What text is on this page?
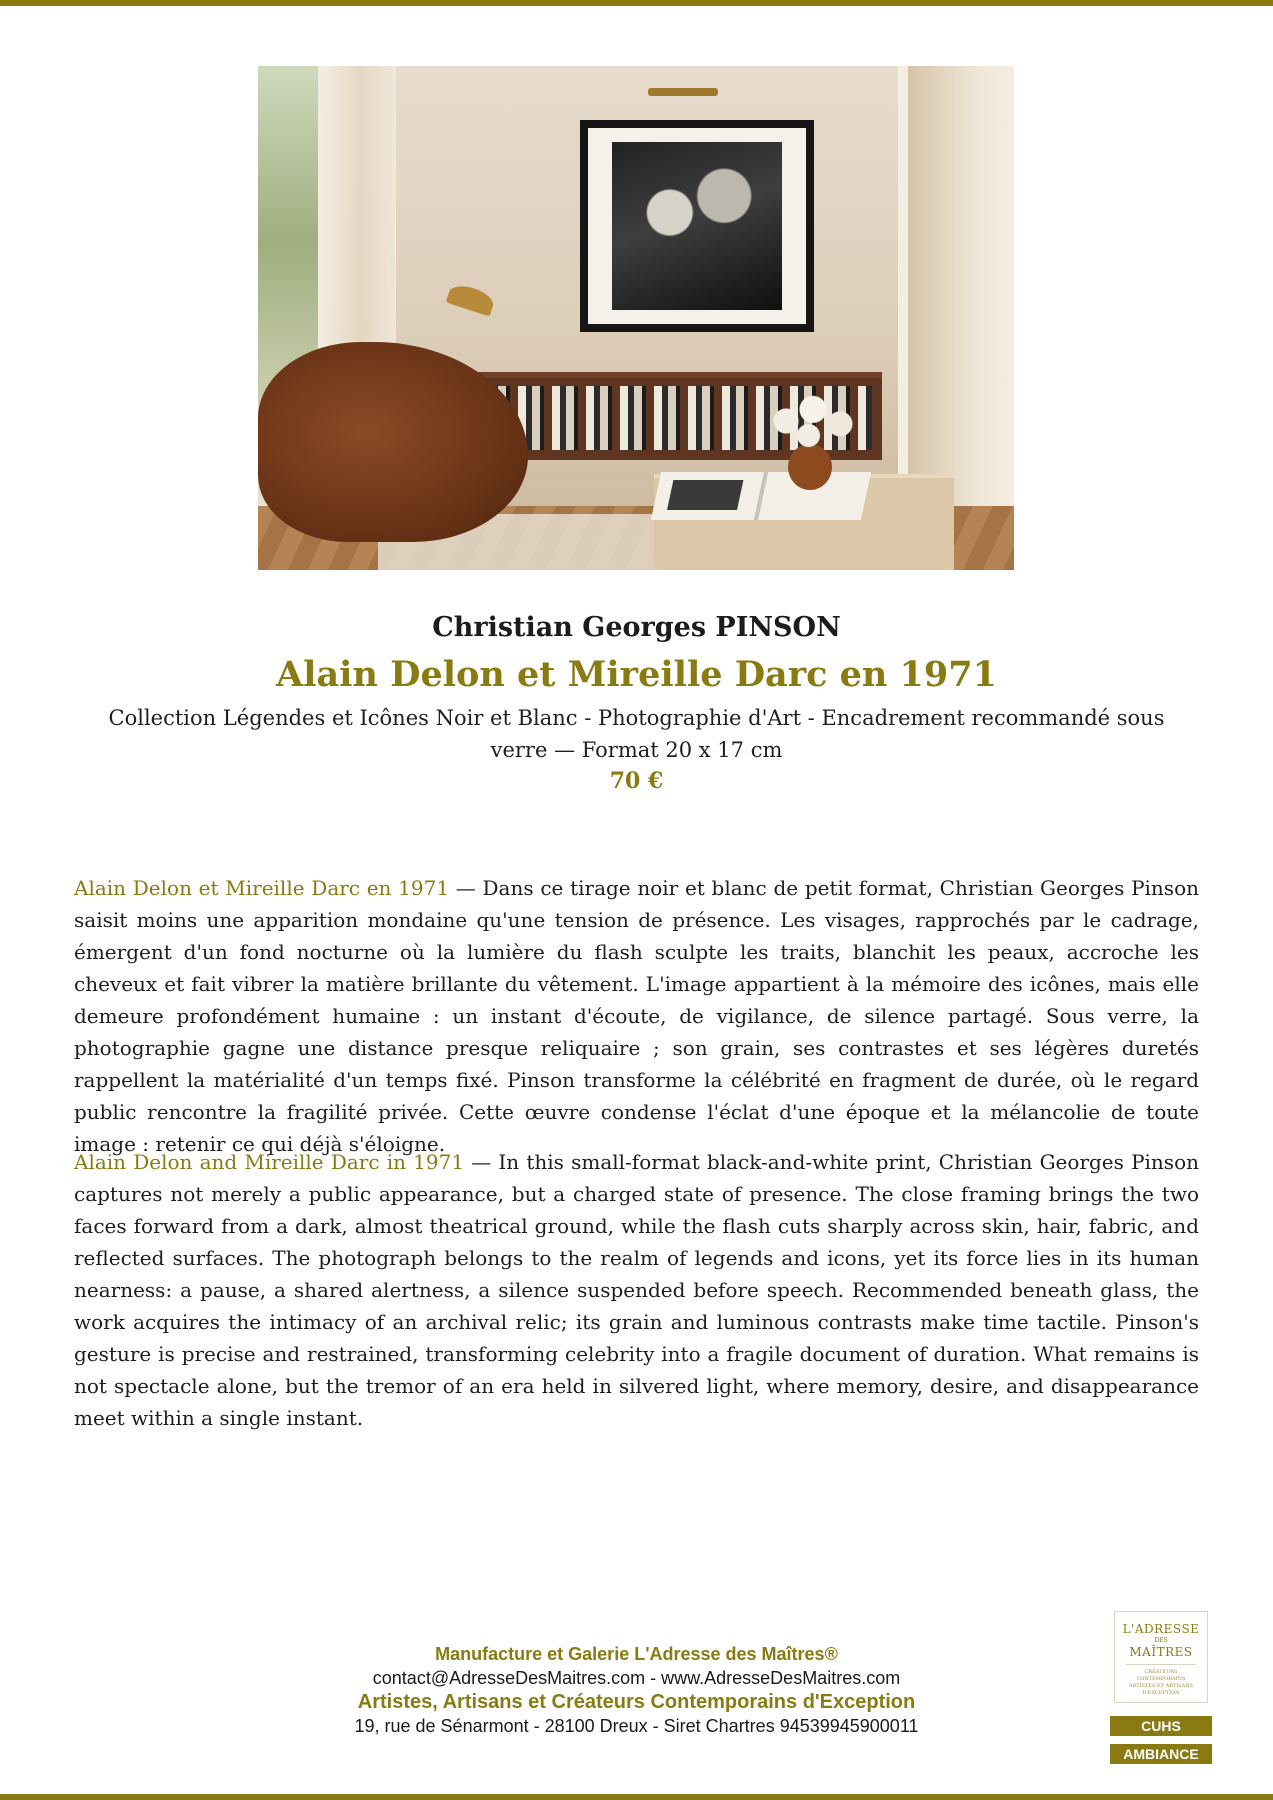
Christian Georges PINSON
Alain Delon et Mireille Darc en 1971

Collection Légendes et Icônes Noir et Blanc - Photographie d'Art - Encadrement recommandé sous verre — Format 20 x 17 cm

70 €

Alain Delon et Mireille Darc en 1971 — Dans ce tirage noir et blanc de petit format, Christian Georges Pinson saisit moins une apparition mondaine qu'une tension de présence. Les visages, rapprochés par le cadrage, émergent d'un fond nocturne où la lumière du flash sculpte les traits, blanchit les peaux, accroche les cheveux et fait vibrer la matière brillante du vêtement. L'image appartient à la mémoire des icônes, mais elle demeure profondément humaine : un instant d'écoute, de vigilance, de silence partagé. Sous verre, la photographie gagne une distance presque reliquaire ; son grain, ses contrastes et ses légères duretés rappellent la matérialité d'un temps fixé. Pinson transforme la célébrité en fragment de durée, où le regard public rencontre la fragilité privée. Cette œuvre condense l'éclat d'une époque et la mélancolie de toute image : retenir ce qui déjà s'éloigne.

Alain Delon and Mireille Darc in 1971 — In this small-format black-and-white print, Christian Georges Pinson captures not merely a public appearance, but a charged state of presence. The close framing brings the two faces forward from a dark, almost theatrical ground, while the flash cuts sharply across skin, hair, fabric, and reflected surfaces. The photograph belongs to the realm of legends and icons, yet its force lies in its human nearness: a pause, a shared alertness, a silence suspended before speech. Recommended beneath glass, the work acquires the intimacy of an archival relic; its grain and luminous contrasts make time tactile. Pinson's gesture is precise and restrained, transforming celebrity into a fragile document of duration. What remains is not spectacle alone, but the tremor of an era held in silvered light, where memory, desire, and disappearance meet within a single instant.

Manufacture et Galerie L'Adresse des Maîtres®

contact@AdresseDesMaitres.com - www.AdresseDesMaitres.com

Artistes, Artisans et Créateurs Contemporains d'Exception

19, rue de Sénarmont - 28100 Dreux - Siret Chartres 94539945900011

L'ADRESSE
DES
MAÎTRES
CRÉATEURS CONTEMPORAINS ARTISTES ET ARTISANS D'EXCEPTION
CUHS
AMBIANCE
